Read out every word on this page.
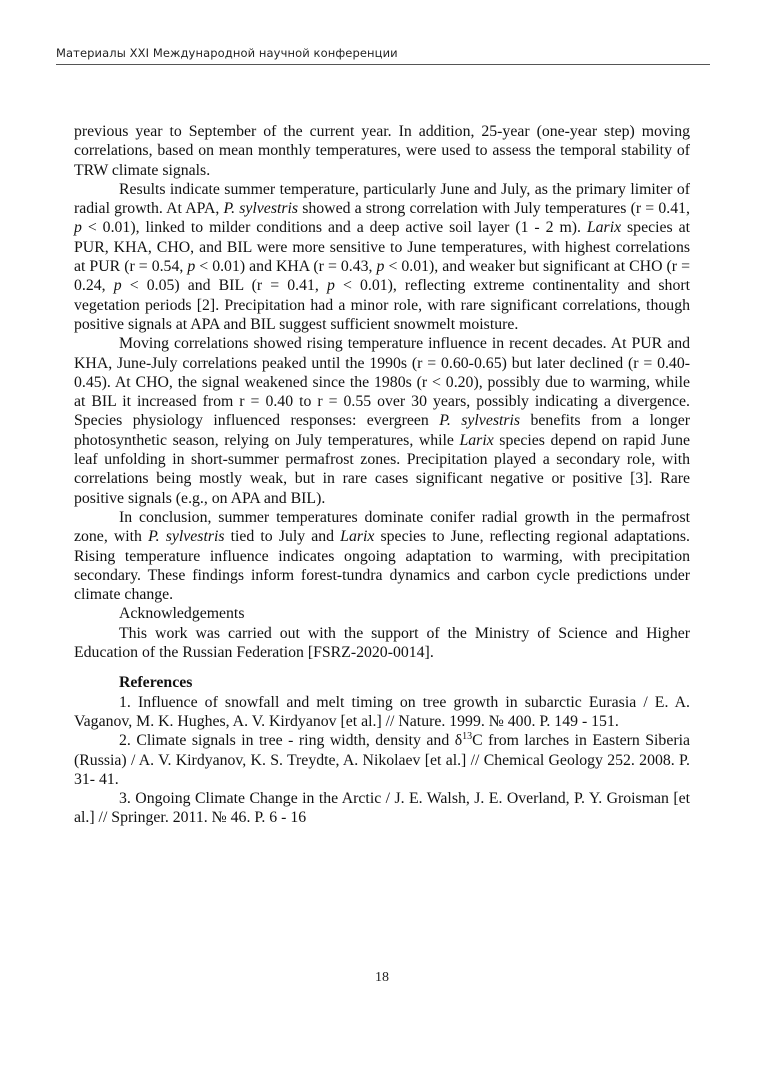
Материалы XXI Международной научной конференции

previous year to September of the current year. In addition, 25-year (one-year step) moving correlations, based on mean monthly temperatures, were used to assess the temporal stability of TRW climate signals.

Results indicate summer temperature, particularly June and July, as the primary limiter of radial growth. At APA, P. sylvestris showed a strong correlation with July temperatures (r = 0.41, p < 0.01), linked to milder conditions and a deep active soil layer (1 - 2 m). Larix species at PUR, KHA, CHO, and BIL were more sensitive to June temperatures, with highest correlations at PUR (r = 0.54, p < 0.01) and KHA (r = 0.43, p < 0.01), and weaker but significant at CHO (r = 0.24, p < 0.05) and BIL (r = 0.41, p < 0.01), reflecting extreme continentality and short vegetation periods [2]. Precipitation had a minor role, with rare significant correlations, though positive signals at APA and BIL suggest sufficient snowmelt moisture.

Moving correlations showed rising temperature influence in recent decades. At PUR and KHA, June-July correlations peaked until the 1990s (r = 0.60-0.65) but later declined (r = 0.40-0.45). At CHO, the signal weakened since the 1980s (r < 0.20), possibly due to warming, while at BIL it increased from r = 0.40 to r = 0.55 over 30 years, possibly indicating a divergence. Species physiology influenced responses: evergreen P. sylvestris benefits from a longer photosynthetic season, relying on July temperatures, while Larix species depend on rapid June leaf unfolding in short-summer permafrost zones. Precipitation played a secondary role, with correlations being mostly weak, but in rare cases significant negative or positive [3]. Rare positive signals (e.g., on APA and BIL).

In conclusion, summer temperatures dominate conifer radial growth in the permafrost zone, with P. sylvestris tied to July and Larix species to June, reflecting regional adaptations. Rising temperature influence indicates ongoing adaptation to warming, with precipitation secondary. These findings inform forest-tundra dynamics and carbon cycle predictions under climate change.

Acknowledgements

This work was carried out with the support of the Ministry of Science and Higher Education of the Russian Federation [FSRZ-2020-0014].

References

1. Influence of snowfall and melt timing on tree growth in subarctic Eurasia / E. A. Vaganov, M. K. Hughes, A. V. Kirdyanov [et al.] // Nature. 1999. № 400. P. 149 - 151.

2. Climate signals in tree - ring width, density and $\delta^{13}C$ from larches in Eastern Siberia (Russia) / A. V. Kirdyanov, K. S. Treydte, A. Nikolaev [et al.] // Chemical Geology 252. 2008. P. 31- 41.

3. Ongoing Climate Change in the Arctic / J. E. Walsh, J. E. Overland, P. Y. Groisman [et al.] // Springer. 2011. № 46. P. 6 - 16

18
